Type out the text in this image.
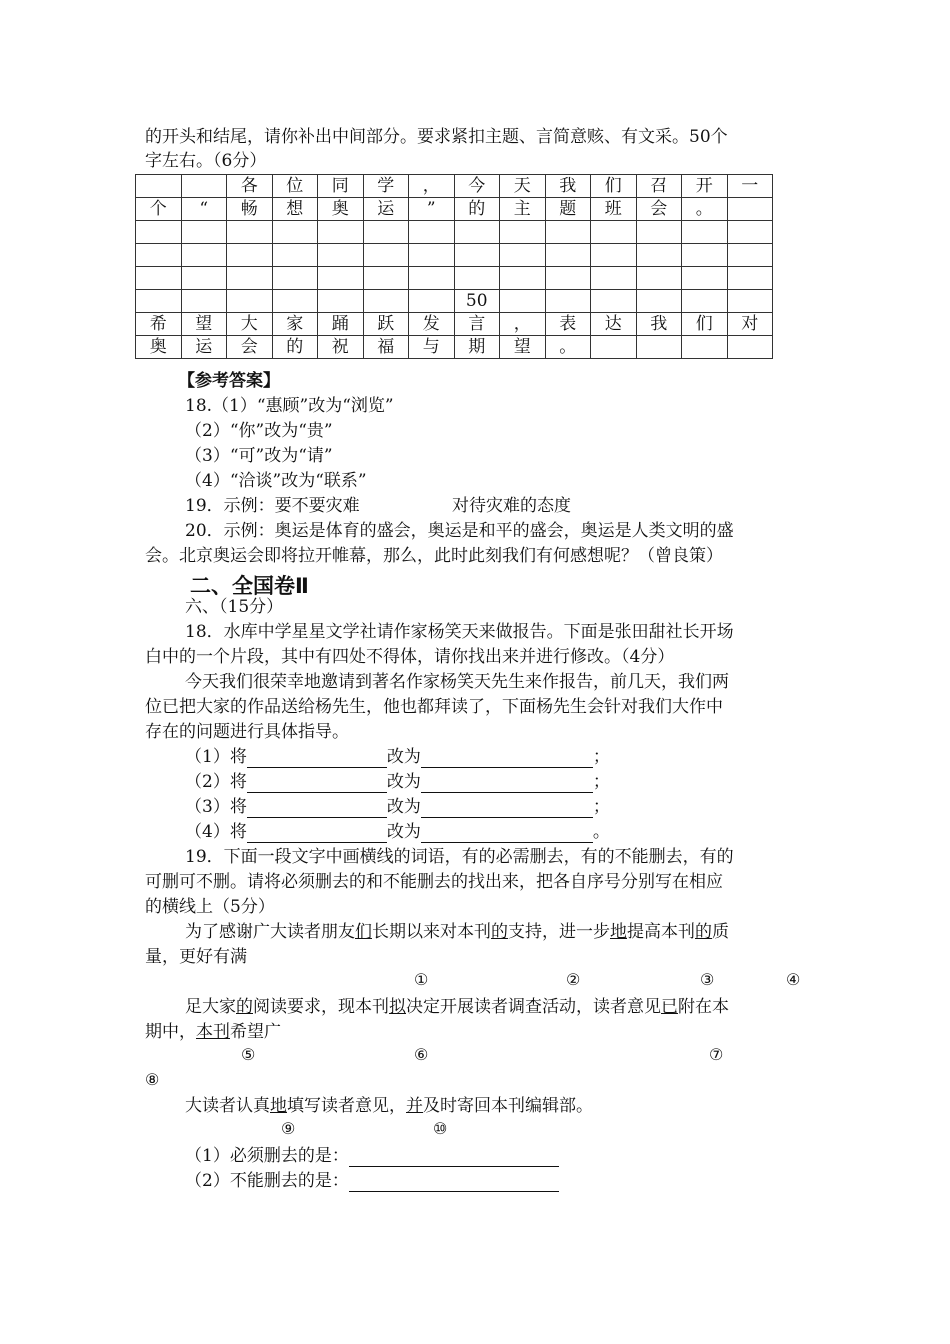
的开头和结尾，请你补出中间部分。要求紧扣主题、言简意赅、有文采。50个
字左右。（6分）
		各	位	同	学	，	今	天	我	们	召	开	一
个	“	畅	想	奥	运	”	的	主	题	班	会	。	

							50						
希	望	大	家	踊	跃	发	言	，	表	达	我	们	对
奥	运	会	的	祝	福	与	期	望	。				
【参考答案】
18.（1）“惠顾”改为“浏览”
（2）“你”改为“贵”
（3）“可”改为“请”
（4）“洽谈”改为“联系”
19．示例：要不要灾难	对待灾难的态度
20．示例：奥运是体育的盛会，奥运是和平的盛会，奥运是人类文明的盛
会。北京奥运会即将拉开帷幕，那么，此时此刻我们有何感想呢？（曾良策）
二、全国卷Ⅱ
六、（15分）
18．水库中学星星文学社请作家杨笑天来做报告。下面是张田甜社长开场
白中的一个片段，其中有四处不得体，请你找出来并进行修改。（4分）
今天我们很荣幸地邀请到著名作家杨笑天先生来作报告，前几天，我们两
位已把大家的作品送给杨先生，他也都拜读了，下面杨先生会针对我们大作中
存在的问题进行具体指导。
（1）将	改为	；
（2）将	改为	；
（3）将	改为	；
（4）将	改为	。
19．下面一段文字中画横线的词语，有的必需删去，有的不能删去，有的
可删可不删。请将必须删去的和不能删去的找出来，把各自序号分别写在相应
的横线上（5分）
为了感谢广大读者朋友们长期以来对本刊的支持，进一步地提高本刊的质
量，更好有满
①	②	③	④
足大家的阅读要求，现本刊拟决定开展读者调查活动，读者意见已附在本
期中，本刊希望广
⑤	⑥	⑦
⑧
大读者认真地填写读者意见，并及时寄回本刊编辑部。
⑨	⑩
（1）必须删去的是：
（2）不能删去的是：
